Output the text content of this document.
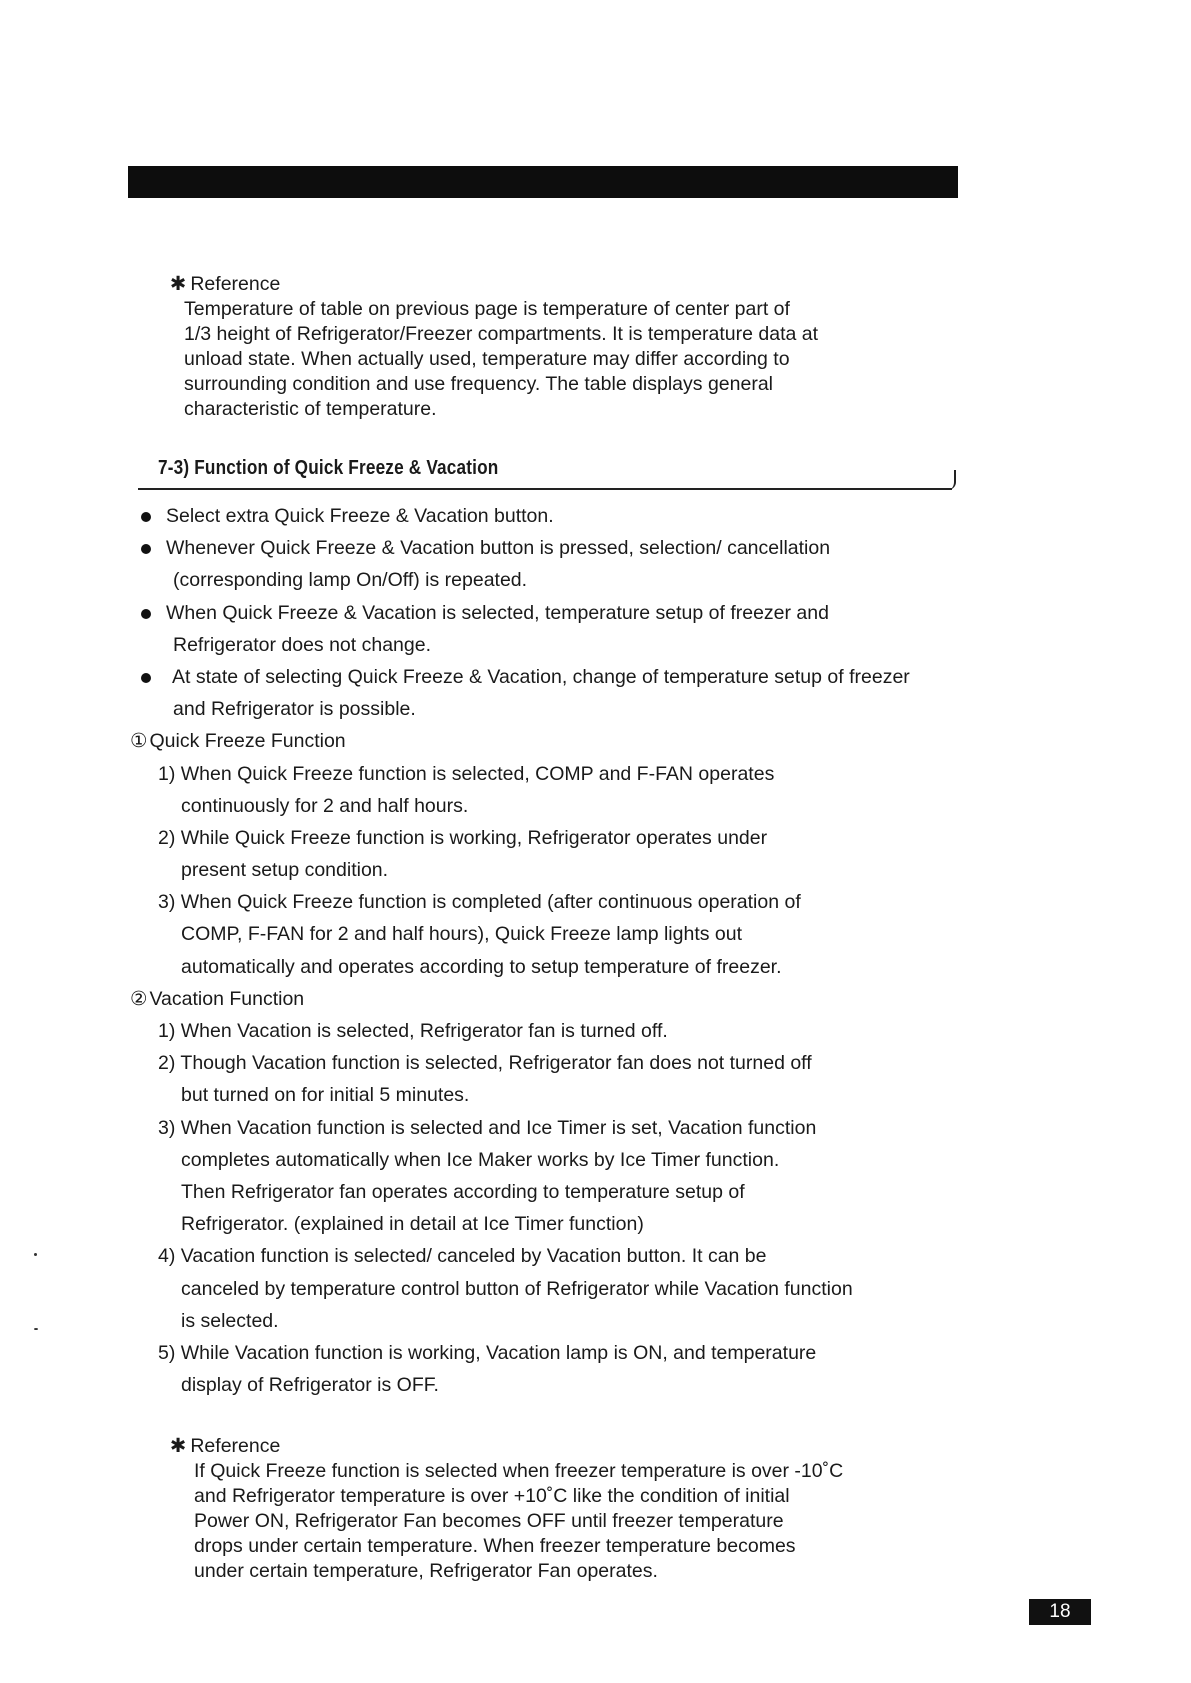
✱ Reference
Temperature of table on previous page is temperature of center part of
1/3 height of Refrigerator/Freezer compartments. It is temperature data at
unload state. When actually used, temperature may differ according to
surrounding condition and use frequency. The table displays general
characteristic of temperature.
7-3) Function of Quick Freeze & Vacation
Select extra Quick Freeze & Vacation button.
Whenever Quick Freeze & Vacation button is pressed, selection/ cancellation
(corresponding lamp On/Off) is repeated.
When Quick Freeze & Vacation is selected, temperature setup of freezer and
Refrigerator does not change.
At state of selecting Quick Freeze & Vacation, change of temperature setup of freezer
and Refrigerator is possible.
① Quick Freeze Function
1) When Quick Freeze function is selected, COMP and F-FAN operates
continuously for 2 and half hours.
2) While Quick Freeze function is working, Refrigerator operates under
present setup condition.
3) When Quick Freeze function is completed (after continuous operation of
COMP, F-FAN for 2 and half hours), Quick Freeze lamp lights out
automatically and operates according to setup temperature of freezer.
② Vacation Function
1) When Vacation is selected, Refrigerator fan is turned off.
2) Though Vacation function is selected, Refrigerator fan does not turned off
but turned on for initial 5 minutes.
3) When Vacation function is selected and Ice Timer is set, Vacation function
completes automatically when Ice Maker works by Ice Timer function.
Then Refrigerator fan operates according to temperature setup of
Refrigerator. (explained in detail at Ice Timer function)
4) Vacation function is selected/ canceled by Vacation button. It can be
canceled by temperature control button of Refrigerator while Vacation function
is selected.
5) While Vacation function is working, Vacation lamp is ON, and temperature
display of Refrigerator is OFF.
✱ Reference
If Quick Freeze function is selected when freezer temperature is over -10˚C
and Refrigerator temperature is over +10˚C like the condition of initial
Power ON, Refrigerator Fan becomes OFF until freezer temperature
drops under certain temperature. When freezer temperature becomes
under certain temperature, Refrigerator Fan operates.
18
